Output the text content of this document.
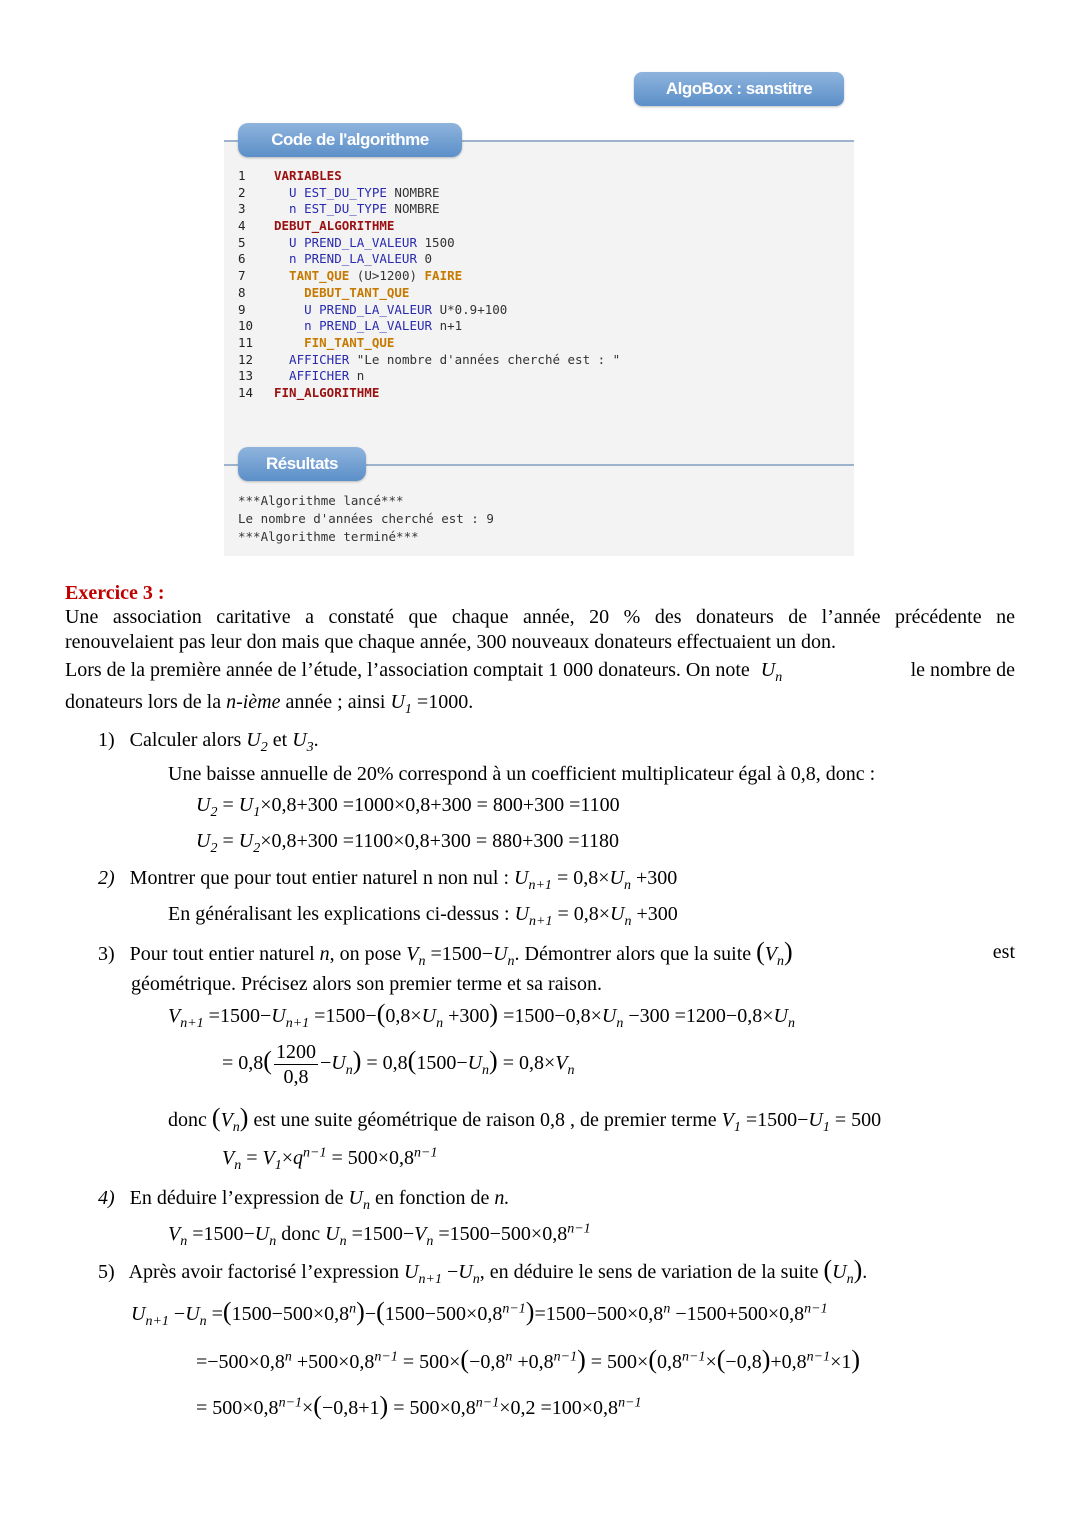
AlgoBox : sanstitre
Code de l'algorithme
1 VARIABLES
2  U EST_DU_TYPE NOMBRE
3  n EST_DU_TYPE NOMBRE
4 DEBUT_ALGORITHME
5  U PREND_LA_VALEUR 1500
6  n PREND_LA_VALEUR 0
7  TANT_QUE (U>1200) FAIRE
8    DEBUT_TANT_QUE
9    U PREND_LA_VALEUR U*0.9+100
10    n PREND_LA_VALEUR n+1
11    FIN_TANT_QUE
12  AFFICHER "Le nombre d'années cherché est : "
13  AFFICHER n
14 FIN_ALGORITHME
Résultats
***Algorithme lancé***
Le nombre d'années cherché est : 9
***Algorithme terminé***
Exercice 3 :
Une association caritative a constaté que chaque année, 20 % des donateurs de l’année précédente ne
renouvelaient pas leur don mais que chaque année, 300 nouveaux donateurs effectuaient un don.
Lors de la première année de l’étude, l’association comptait 1 000 donateurs. On note $U_n$	le nombre de
donateurs lors de la n-ième année ; ainsi $U_1 =1000$.
1) Calculer alors $U_2$ et $U_3$.
Une baisse annuelle de 20% correspond à un coefficient multiplicateur égal à 0,8, donc :
$U_2 = U_1\times 0,8+300 =1000\times 0,8+300 = 800+300 =1100$
$U_2 = U_2\times 0,8+300 =1100\times 0,8+300 = 880+300 =1180$
2) Montrer que pour tout entier naturel n non nul : $U_{n+1} = 0,8\times U_n +300$
En généralisant les explications ci-dessus : $U_{n+1} = 0,8\times U_n +300$
3) Pour tout entier naturel n, on pose $V_n =1500-U_n$. Démontrer alors que la suite $(V_n)$	est
géométrique. Précisez alors son premier terme et sa raison.
$V_{n+1} =1500-U_{n+1} =1500-(0,8\times U_n +300) =1500-0,8\times U_n -300 =1200-0,8\times U_n$
= $0,8( \frac{1200}{0,8} -U_n) = 0,8(1500-U_n) = 0,8\times V_n$
donc $(V_n)$ est une suite géométrique de raison 0,8 , de premier terme $V_1 =1500-U_1 = 500$
$V_n = V_1\times q^{n-1} = 500\times 0,8^{n-1}$
4) En déduire l’expression de $U_n$ en fonction de n.
$V_n =1500-U_n$ donc $U_n =1500-V_n =1500-500\times 0,8^{n-1}$
5) Après avoir factorisé l’expression $U_{n+1} -U_n$, en déduire le sens de variation de la suite $(U_n)$.
$U_{n+1} -U_n =(1500-500\times 0,8^n)-(1500-500\times 0,8^{n-1})=1500-500\times 0,8^n -1500+500\times 0,8^{n-1}$
$=-500\times 0,8^n +500\times 0,8^{n-1} = 500\times(-0,8^n +0,8^{n-1}) = 500\times(0,8^{n-1}\times(-0,8)+0,8^{n-1}\times 1)$
= $500\times 0,8^{n-1}\times(-0,8+1) = 500\times 0,8^{n-1}\times 0,2 =100\times 0,8^{n-1}$
